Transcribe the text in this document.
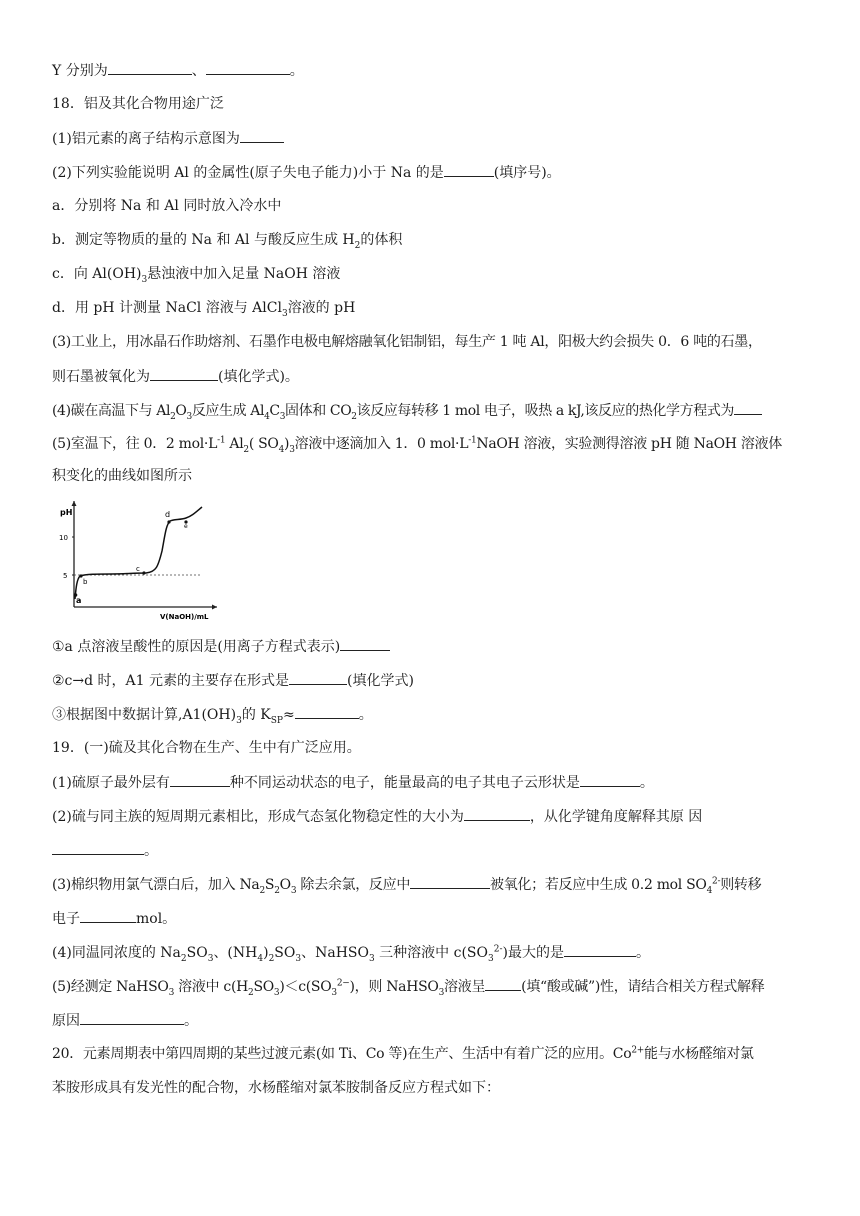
Y 分别为	、	。
18．铝及其化合物用途广泛
(1)铝元素的离子结构示意图为
(2)下列实验能说明 Al 的金属性(原子失电子能力)小于 Na 的是	(填序号)。
a．分别将 Na 和 Al 同时放入冷水中
b．测定等物质的量的 Na 和 Al 与酸反应生成 $H_2$的体积
c．向 $Al(OH)_3$悬浊液中加入足量 NaOH 溶液
d．用 pH 计测量 NaCl 溶液与 AlCl$_3$溶液的 pH
(3)工业上，用冰晶石作助熔剂、石墨作电极电解熔融氧化铝制铝，每生产 1 吨 Al，阳极大约会损失 0．6 吨的石墨，
则石墨被氧化为	(填化学式)。
(4)碳在高温下与 $Al_2O_3$反应生成 $Al_4C_3$固体和 $CO_2$该反应每转移 1 mol 电子，吸热 a kJ,该反应的热化学方程式为
(5)室温下，往 0．2 $mol\cdot L^{-1}$ $Al_2$( $SO_4)_3$溶液中逐滴加入 1．0 $mol\cdot L^{-1}NaOH$ 溶液，实验测得溶液 pH 随 NaOH 溶液体
积变化的曲线如图所示
pH
V(NaOH)/mL
10
5
a
b
c
d
e
①a 点溶液呈酸性的原因是(用离子方程式表示)
②c→d 时，A1 元素的主要存在形式是	(填化学式)
③根据图中数据计算$,A1(OH)_3$的 $K_{SP}\approx$	。
19．(一)硫及其化合物在生产、生中有广泛应用。
(1)硫原子最外层有	种不同运动状态的电子，能量最高的电子其电子云形状是	。
(2)硫与同主族的短周期元素相比，形成气态氢化物稳定性的大小为	，从化学键角度解释其原 因
。
(3)棉织物用氯气漂白后，加入 $Na_2S_2O_3$ 除去余氯，反应中	被氧化；若反应中生成 0.2 mol $SO_4^{2-}$则转移
电子	mol。
(4)同温同浓度的 $Na_2SO_3$、$(NH_4)_2SO_3$、NaHSO$_3$ 三种溶液中 $c(SO_3^{2-})$最大的是	。
(5)经测定 NaHSO$_3$ 溶液中 $c(H_2SO_3)<c(SO_3^{2-})$，则 NaHSO$_3$溶液呈	(填“酸或碱”)性，请结合相关方程式解释
原因	。
20．元素周期表中第四周期的某些过渡元素(如 Ti、Co 等)在生产、生活中有着广泛的应用。$Co^{2+}$能与水杨醛缩对氯
苯胺形成具有发光性的配合物，水杨醛缩对氯苯胺制备反应方程式如下：
